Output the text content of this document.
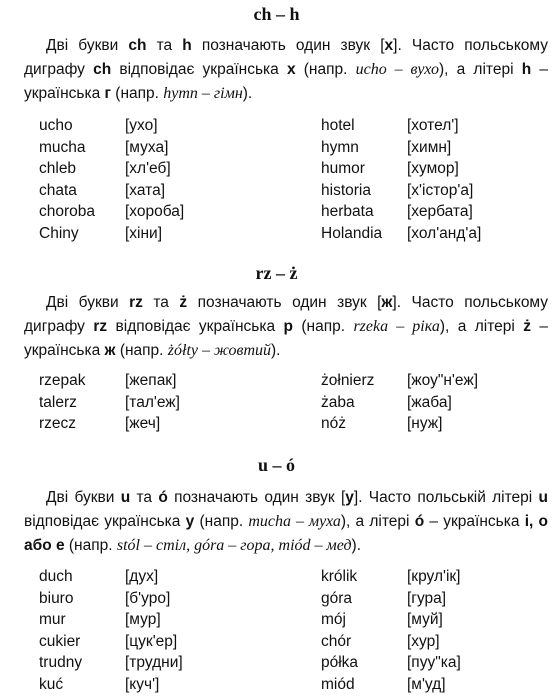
ch – h
Дві букви ch та h позначають один звук [х]. Часто польському диграфу ch відповідає українська х (напр. ucho – вухо), а літері h – українська г (напр. hymn – гімн).
ucho	[ухо]	hotel	[хотел']
mucha	[муха]	hymn	[химн]
chleb	[хл'еб]	humor	[хумор]
chata	[хата]	historia [х'істор'а]
choroba [хороба]	herbata [хербата]
Chiny	[хіни]	Holandia [хол'анд'а]
rz – ż
Дві букви rz та ż позначають один звук [ж]. Часто польському диграфу rz відповідає українська р (напр. rzeka – ріка), а літері ż – українська ж (напр. żółty – жовтий).
rzepak	[жепак]	żołnierz [жоу"н'еж]
talerz	[тал'еж]	żaba	[жаба]
rzecz	[жеч]	nóż	[нуж]
u – ó
Дві букви u та ó позначають один звук [у]. Часто польській літері u відповідає українська у (напр. mucha – муха), а літері ó – українська і, о або е (напр. stól – стіл, góra – гора, miód – мед).
duch	[дух]	królik	[крул'ік]
biuro	[б'уро]	góra	[гура]
mur	[мур]	mój	[муй]
cukier	[цук'ер]	chór	[хур]
trudny	[трудни]	półka	[пуу"ка]
kuć	[куч']	miód	[м'уд]
